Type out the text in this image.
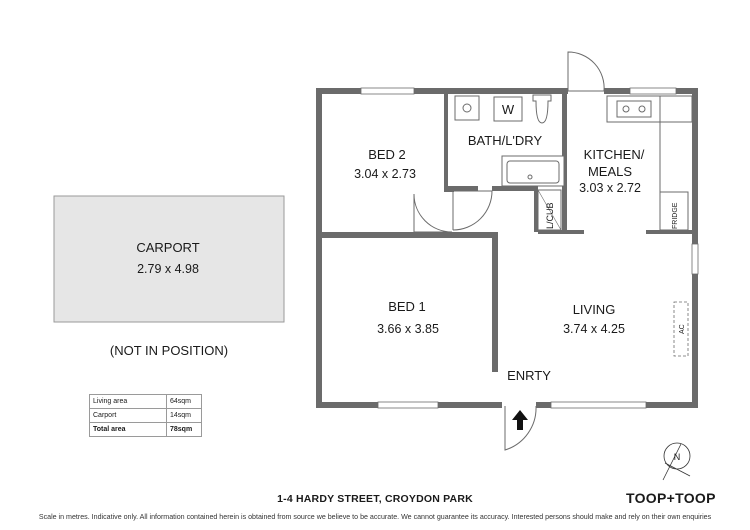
CARPORT
2.79 x 4.98
W
BED 2
3.04 x 2.73
BATH/L'DRY
KITCHEN/
MEALS
3.03 x 2.72
L/CUB	FRIDGE
BED 1
3.66 x 3.85
LIVING
3.74 x 4.25	AC
ENRTY
N
(NOT IN POSITION)
Living area	64sqm
Carport	14sqm
Total area	78sqm
1-4 HARDY STREET, CROYDON PARK	TOOP+TOOP
Scale in metres. Indicative only. All information contained herein is obtained from source we believe to be accurate. We cannot guarantee its accuracy. Interested persons should make and rely on their own enquiries
